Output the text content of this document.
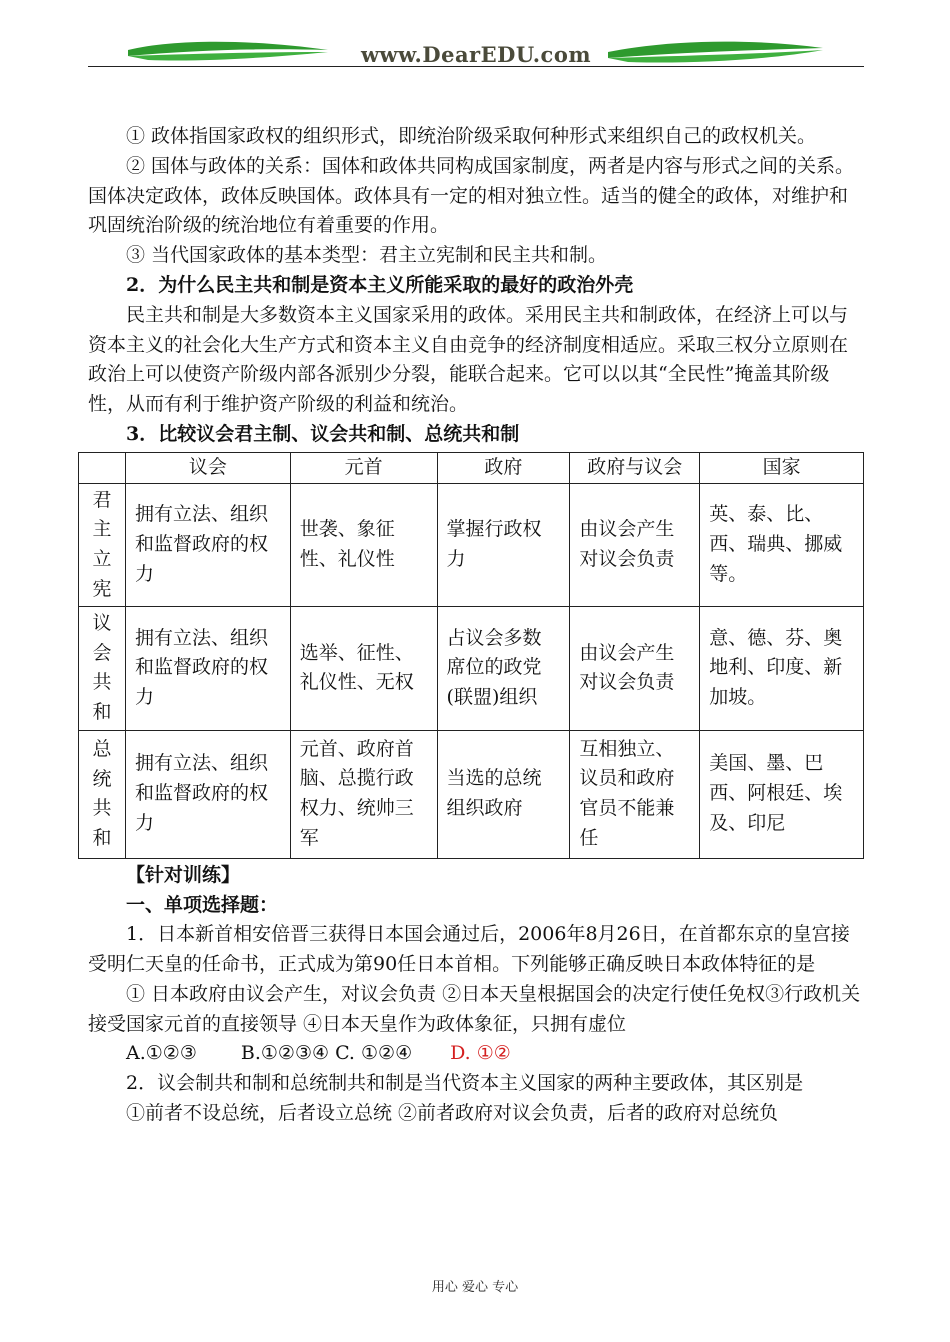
www.DearEDU.com

① 政体指国家政权的组织形式，即统治阶级采取何种形式来组织自己的政权机关。

② 国体与政体的关系：国体和政体共同构成国家制度，两者是内容与形式之间的关系。国体决定政体，政体反映国体。政体具有一定的相对独立性。适当的健全的政体，对维护和巩固统治阶级的统治地位有着重要的作用。

③ 当代国家政体的基本类型：君主立宪制和民主共和制。

2．为什么民主共和制是资本主义所能采取的最好的政治外壳

民主共和制是大多数资本主义国家采用的政体。采用民主共和制政体，在经济上可以与资本主义的社会化大生产方式和资本主义自由竞争的经济制度相适应。采取三权分立原则在政治上可以使资产阶级内部各派别少分裂，能联合起来。它可以以其“全民性”掩盖其阶级性，从而有利于维护资产阶级的利益和统治。

3．比较议会君主制、议会共和制、总统共和制

	议会	元首	政府	政府与议会	国家
君主立宪	拥有立法、组织和监督政府的权力	世袭、象征性、礼仪性	掌握行政权力	由议会产生对议会负责	英、泰、比、西、瑞典、挪威等。
议会共和	拥有立法、组织和监督政府的权力	选举、征性、礼仪性、无权	占议会多数席位的政党(联盟)组织	由议会产生对议会负责	意、德、芬、奥地利、印度、新加坡。
总统共和	拥有立法、组织和监督政府的权力	元首、政府首脑、总揽行政权力、统帅三军	当选的总统组织政府	互相独立、议员和政府官员不能兼任	美国、墨、巴西、阿根廷、埃及、印尼

【针对训练】

一、单项选择题：

1．日本新首相安倍晋三获得日本国会通过后，2006年8月26日，在首都东京的皇宫接受明仁天皇的任命书，正式成为第90任日本首相。下列能够正确反映日本政体特征的是

① 日本政府由议会产生，对议会负责 ②日本天皇根据国会的决定行使任免权③行政机关接受国家元首的直接领导 ④日本天皇作为政体象征，只拥有虚位

A.①②③　　 B.①②③④ C. ①②④　　D. ①②

2．议会制共和制和总统制共和制是当代资本主义国家的两种主要政体，其区别是

①前者不设总统，后者设立总统 ②前者政府对议会负责，后者的政府对总统负

用心 爱心 专心
